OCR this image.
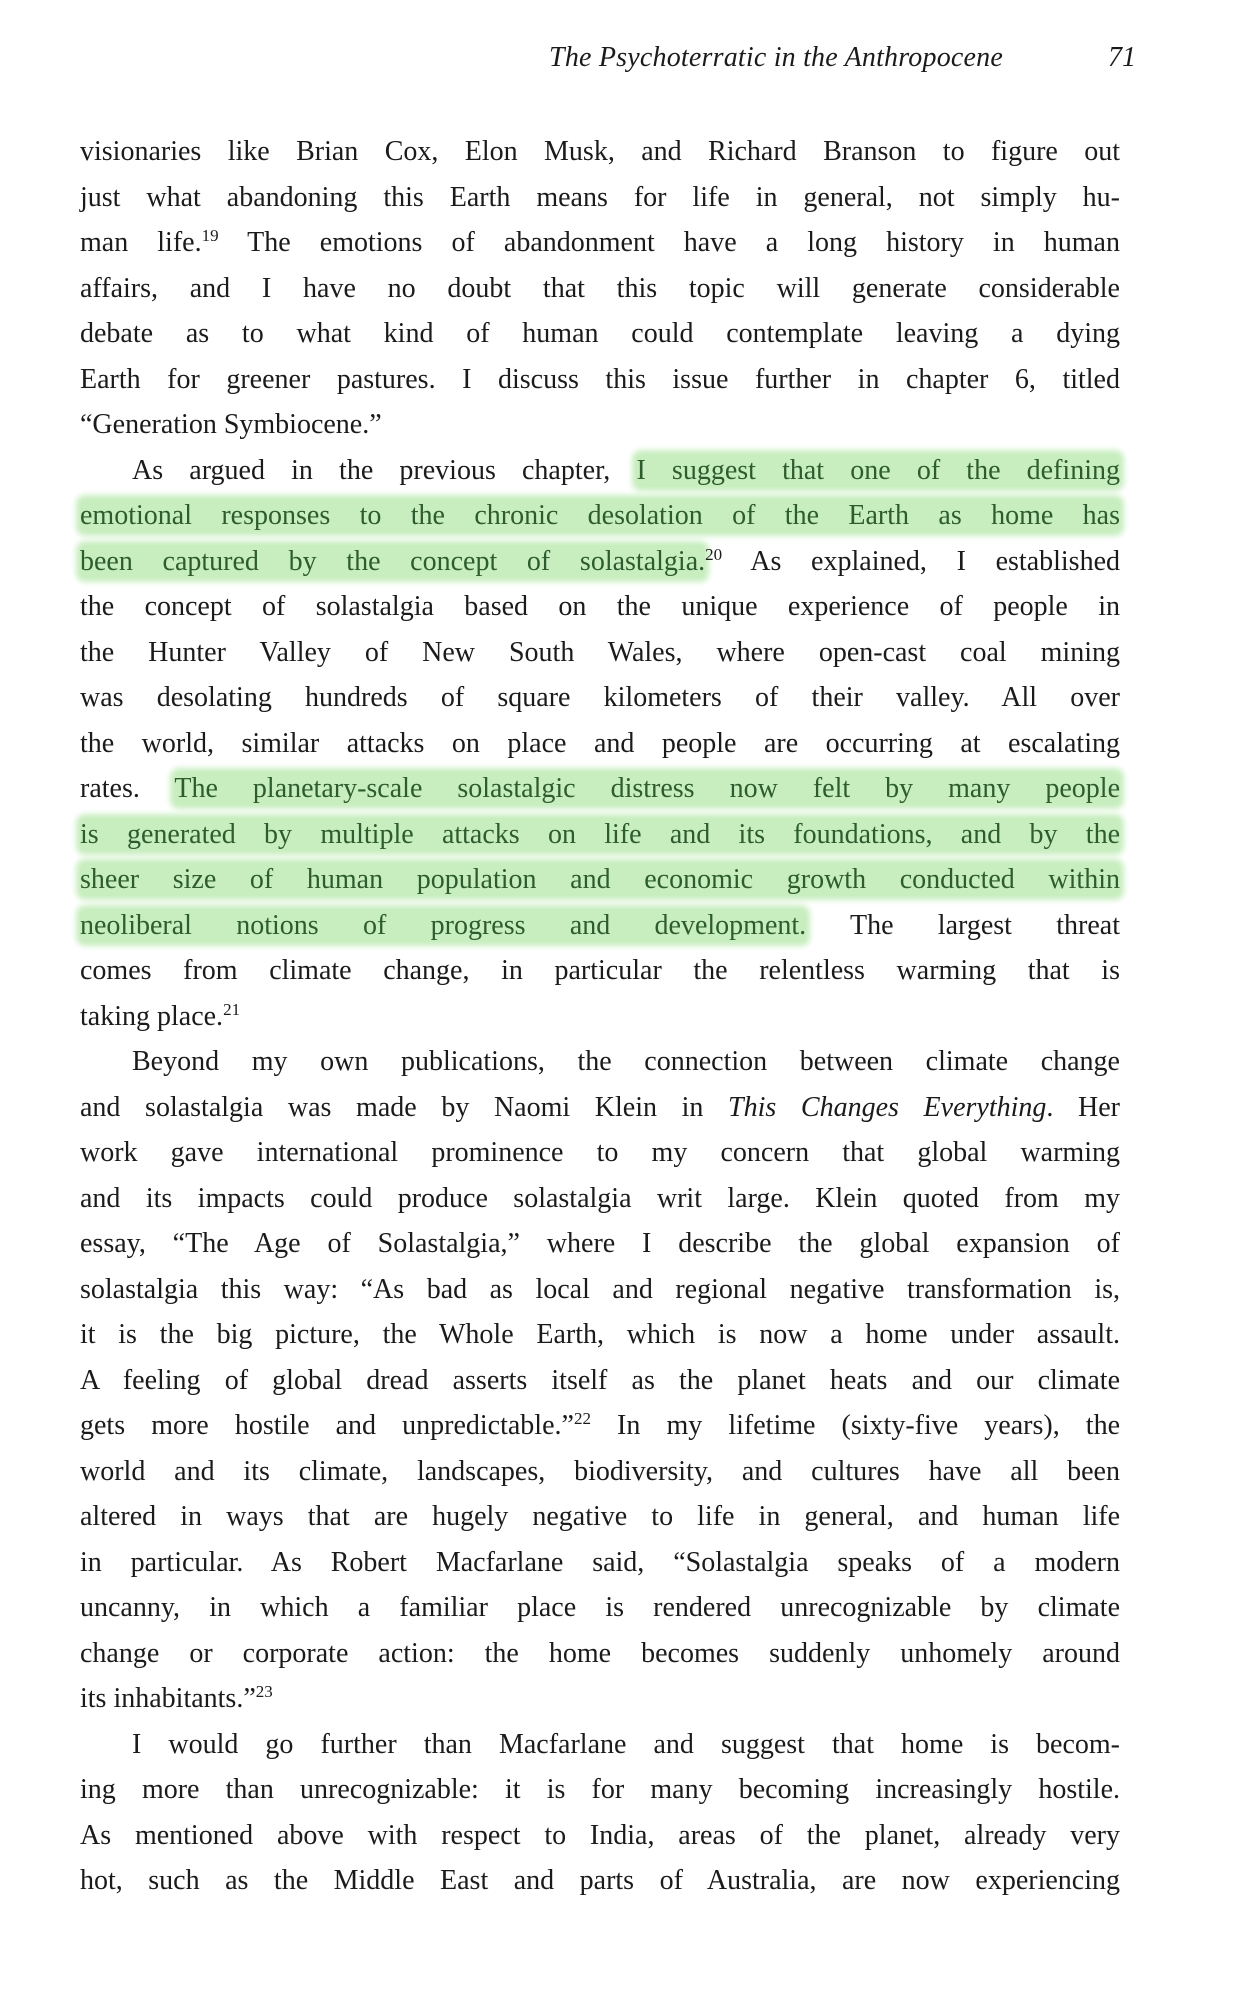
The Psychoterratic in the Anthropocene	71
visionaries like Brian Cox, Elon Musk, and Richard Branson to figure out
just what abandoning this Earth means for life in general, not simply hu-
man life.$^{19}$ The emotions of abandonment have a long history in human
affairs, and I have no doubt that this topic will generate considerable
debate as to what kind of human could contemplate leaving a dying
Earth for greener pastures. I discuss this issue further in chapter 6, titled
“Generation Symbiocene.”
As argued in the previous chapter, I suggest that one of the defining
emotional responses to the chronic desolation of the Earth as home has
been captured by the concept of solastalgia.$^{20}$ As explained, I established
the concept of solastalgia based on the unique experience of people in
the Hunter Valley of New South Wales, where open-cast coal mining
was desolating hundreds of square kilometers of their valley. All over
the world, similar attacks on place and people are occurring at escalating
rates. The planetary-scale solastalgic distress now felt by many people
is generated by multiple attacks on life and its foundations, and by the
sheer size of human population and economic growth conducted within
neoliberal notions of progress and development. The largest threat
comes from climate change, in particular the relentless warming that is
taking place.$^{21}$
Beyond my own publications, the connection between climate change
and solastalgia was made by Naomi Klein in This Changes Everything. Her
work gave international prominence to my concern that global warming
and its impacts could produce solastalgia writ large. Klein quoted from my
essay, “The Age of Solastalgia,” where I describe the global expansion of
solastalgia this way: “As bad as local and regional negative transformation is,
it is the big picture, the Whole Earth, which is now a home under assault.
A feeling of global dread asserts itself as the planet heats and our climate
gets more hostile and unpredictable.”$^{22}$ In my lifetime (sixty-five years), the
world and its climate, landscapes, biodiversity, and cultures have all been
altered in ways that are hugely negative to life in general, and human life
in particular. As Robert Macfarlane said, “Solastalgia speaks of a modern
uncanny, in which a familiar place is rendered unrecognizable by climate
change or corporate action: the home becomes suddenly unhomely around
its inhabitants.”$^{23}$
I would go further than Macfarlane and suggest that home is becom-
ing more than unrecognizable: it is for many becoming increasingly hostile.
As mentioned above with respect to India, areas of the planet, already very
hot, such as the Middle East and parts of Australia, are now experiencing
